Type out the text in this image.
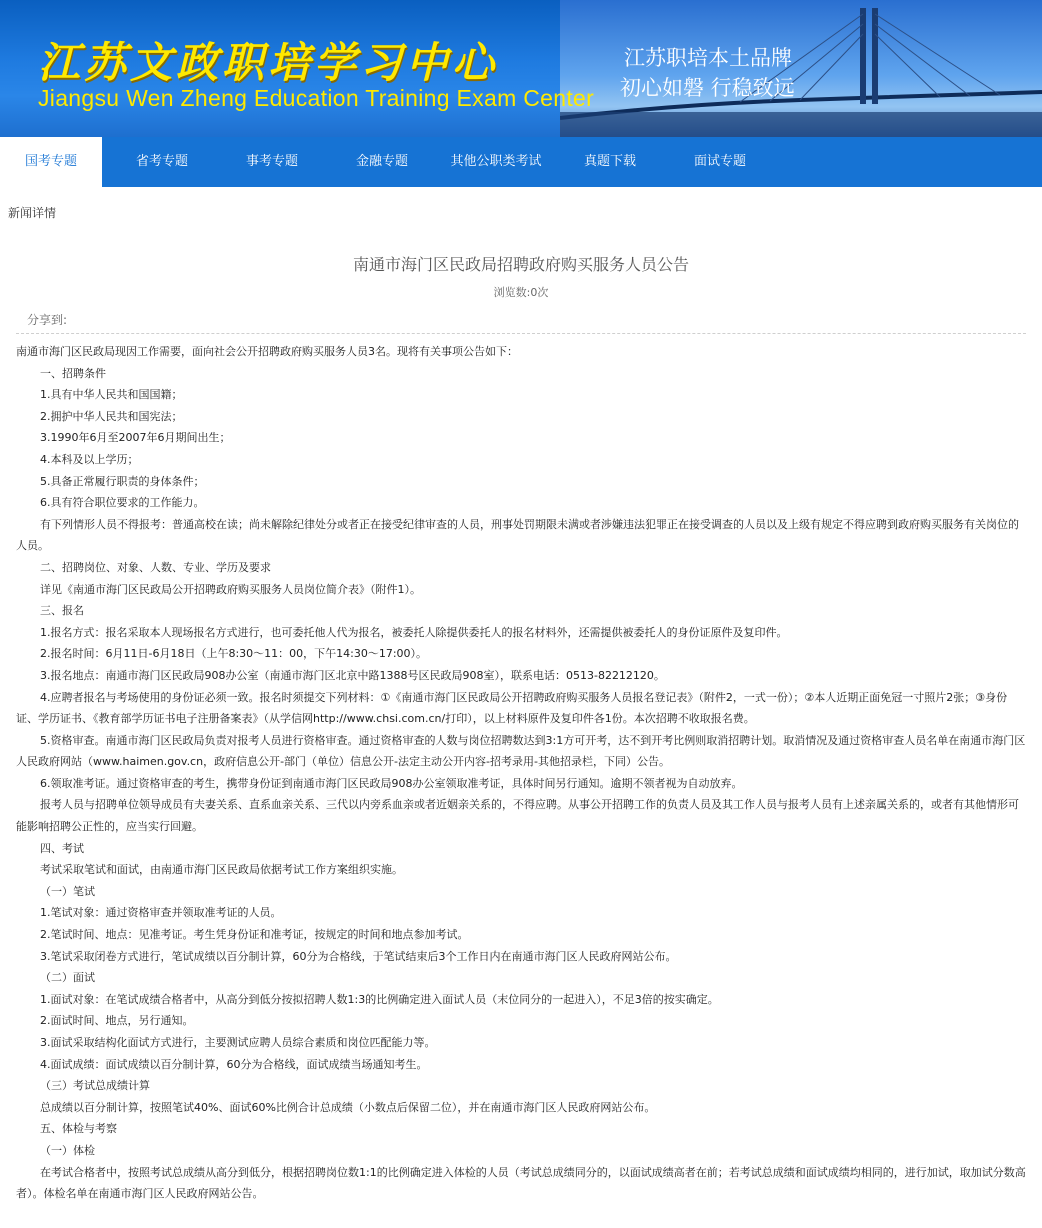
江苏文政职培学习中心
Jiangsu Wen Zheng Education Training Exam Center
江苏职培本土品牌
初心如磐 行稳致远
国考专题	省考专题	事考专题	金融专题	其他公职类考试	真题下载	面试专题
新闻详情
南通市海门区民政局招聘政府购买服务人员公告
浏览数:0次
分享到:

南通市海门区民政局现因工作需要，面向社会公开招聘政府购买服务人员3名。现将有关事项公告如下：

一、招聘条件

1.具有中华人民共和国国籍；

2.拥护中华人民共和国宪法；

3.1990年6月至2007年6月期间出生；

4.本科及以上学历；

5.具备正常履行职责的身体条件；

6.具有符合职位要求的工作能力。

有下列情形人员不得报考：普通高校在读；尚未解除纪律处分或者正在接受纪律审查的人员，刑事处罚期限未满或者涉嫌违法犯罪正在接受调查的人员以及上级有规定不得应聘到政府购买服务有关岗位的人员。

二、招聘岗位、对象、人数、专业、学历及要求

详见《南通市海门区民政局公开招聘政府购买服务人员岗位简介表》（附件1）。

三、报名

1.报名方式：报名采取本人现场报名方式进行，也可委托他人代为报名，被委托人除提供委托人的报名材料外，还需提供被委托人的身份证原件及复印件。

2.报名时间：6月11日-6月18日（上午8:30～11：00，下午14:30～17:00）。

3.报名地点：南通市海门区民政局908办公室（南通市海门区北京中路1388号区民政局908室），联系电话：0513-82212120。

4.应聘者报名与考场使用的身份证必须一致。报名时须提交下列材料：①《南通市海门区民政局公开招聘政府购买服务人员报名登记表》（附件2，一式一份）；②本人近期正面免冠一寸照片2张；③身份证、学历证书、《教育部学历证书电子注册备案表》（从学信网http://www.chsi.com.cn/打印），以上材料原件及复印件各1份。本次招聘不收取报名费。

5.资格审查。南通市海门区民政局负责对报考人员进行资格审查。通过资格审查的人数与岗位招聘数达到3:1方可开考，达不到开考比例则取消招聘计划。取消情况及通过资格审查人员名单在南通市海门区人民政府网站（www.haimen.gov.cn，政府信息公开-部门（单位）信息公开-法定主动公开内容-招考录用-其他招录栏，下同）公告。

6.领取准考证。通过资格审查的考生，携带身份证到南通市海门区民政局908办公室领取准考证，具体时间另行通知。逾期不领者视为自动放弃。

报考人员与招聘单位领导成员有夫妻关系、直系血亲关系、三代以内旁系血亲或者近姻亲关系的，不得应聘。从事公开招聘工作的负责人员及其工作人员与报考人员有上述亲属关系的，或者有其他情形可能影响招聘公正性的，应当实行回避。

四、考试

考试采取笔试和面试，由南通市海门区民政局依据考试工作方案组织实施。

（一）笔试

1.笔试对象：通过资格审查并领取准考证的人员。

2.笔试时间、地点：见准考证。考生凭身份证和准考证，按规定的时间和地点参加考试。

3.笔试采取闭卷方式进行，笔试成绩以百分制计算，60分为合格线，于笔试结束后3个工作日内在南通市海门区人民政府网站公布。

（二）面试

1.面试对象：在笔试成绩合格者中，从高分到低分按拟招聘人数1:3的比例确定进入面试人员（末位同分的一起进入），不足3倍的按实确定。

2.面试时间、地点，另行通知。

3.面试采取结构化面试方式进行，主要测试应聘人员综合素质和岗位匹配能力等。

4.面试成绩：面试成绩以百分制计算，60分为合格线，面试成绩当场通知考生。

（三）考试总成绩计算

总成绩以百分制计算，按照笔试40%、面试60%比例合计总成绩（小数点后保留二位），并在南通市海门区人民政府网站公布。

五、体检与考察

（一）体检

在考试合格者中，按照考试总成绩从高分到低分，根据招聘岗位数1:1的比例确定进入体检的人员（考试总成绩同分的，以面试成绩高者在前；若考试总成绩和面试成绩均相同的，进行加试，取加试分数高者）。体检名单在南通市海门区人民政府网站公告。
